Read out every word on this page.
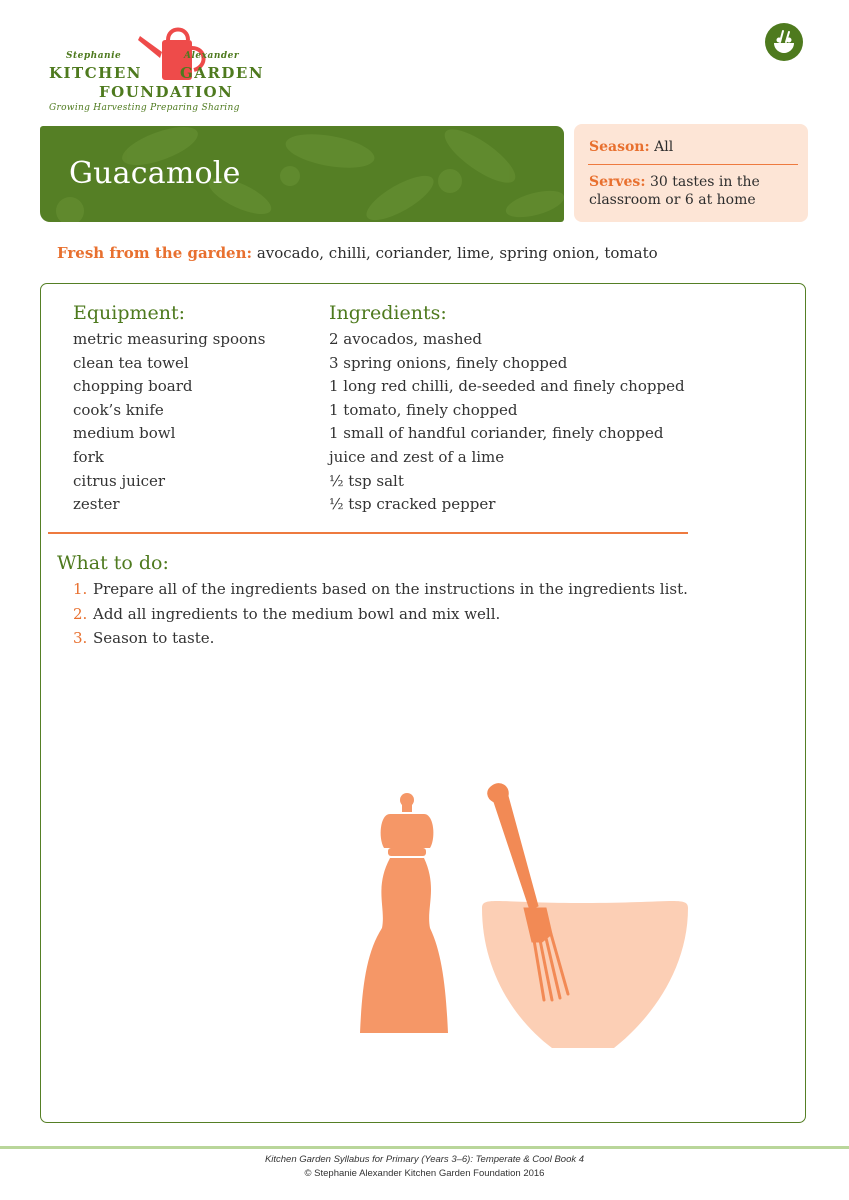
Stephanie	Alexander
KITCHEN	GARDEN
FOUNDATION
Growing Harvesting Preparing Sharing
Guacamole
Season: All
Serves: 30 tastes in the classroom or 6 at home
Fresh from the garden: avocado, chilli, coriander, lime, spring onion, tomato
Equipment:
metric measuring spoons
clean tea towel
chopping board
cook’s knife
medium bowl
fork
citrus juicer
zester
Ingredients:
2 avocados, mashed
3 spring onions, finely chopped
1 long red chilli, de-seeded and finely chopped
1 tomato, finely chopped
1 small of handful coriander, finely chopped
juice and zest of a lime
½ tsp salt
½ tsp cracked pepper
What to do:
1. Prepare all of the ingredients based on the instructions in the ingredients list.
2. Add all ingredients to the medium bowl and mix well.
3. Season to taste.
Kitchen Garden Syllabus for Primary (Years 3–6): Temperate & Cool Book 4
© Stephanie Alexander Kitchen Garden Foundation 2016
